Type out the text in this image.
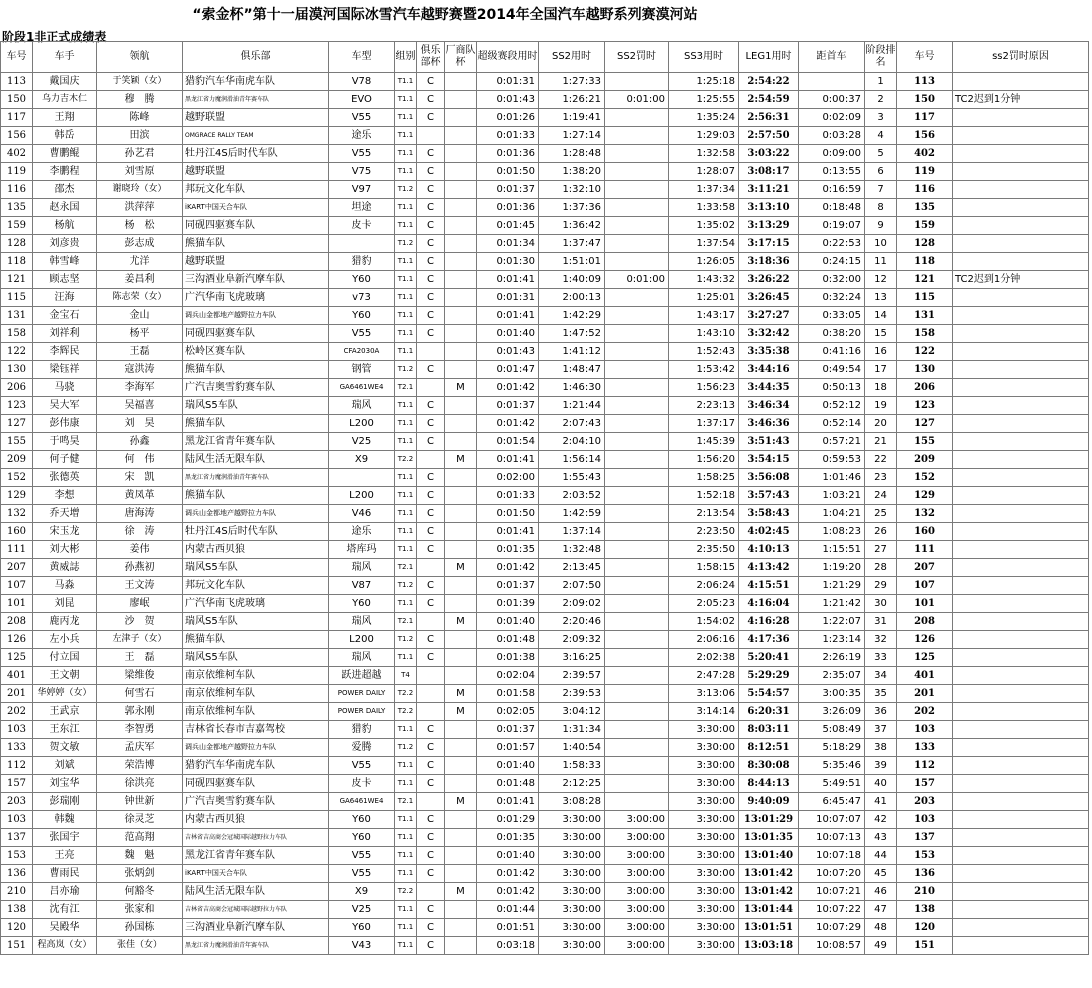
“索金杯”第十一届漠河国际冰雪汽车越野赛暨2014年全国汽车越野系列赛漠河站
阶段1非正式成绩表
车号	车手	领航	俱乐部	车型	组别	俱乐部杯	厂商队杯	超级赛段用时	SS2用时	SS2罚时	SS3用时	LEG1用时	距首车	阶段排名	车号	ss2罚时原因
113	戴国庆	于笑颖（女）	猎豹汽车华南虎车队	V78	T1.1	C		0:01:31	1:27:33		1:25:18	2:54:22		1	113	
150	乌力吉木仁	穆　腾	黑龙江省力魔润滑油青年赛车队	EVO	T1.1	C		0:01:43	1:26:21	0:01:00	1:25:55	2:54:59	0:00:37	2	150	TC2迟到1分钟
117	王翔	陈峰	越野联盟	V55	T1.1	C		0:01:26	1:19:41		1:35:24	2:56:31	0:02:09	3	117	
156	韩岳	田滨	OMGRACE RALLY TEAM	途乐	T1.1			0:01:33	1:27:14		1:29:03	2:57:50	0:03:28	4	156	
402	曹鹏鲲	孙艺君	牡丹江4S后时代车队	V55	T1.1	C		0:01:36	1:28:48		1:32:58	3:03:22	0:09:00	5	402	
119	李鹏程	刘雪原	越野联盟	V75	T1.1	C		0:01:50	1:38:20		1:28:07	3:08:17	0:13:55	6	119	
116	邵杰	谢晓玲（女）	邦玩文化车队	V97	T1.2	C		0:01:37	1:32:10		1:37:34	3:11:21	0:16:59	7	116	
135	赵永国	洪萍萍	iKART中国天合车队	坦途	T1.1	C		0:01:36	1:37:36		1:33:58	3:13:10	0:18:48	8	135	
159	杨航	杨　松	同砚四驱赛车队	皮卡	T1.1	C		0:01:45	1:36:42		1:35:02	3:13:29	0:19:07	9	159	
128	刘彦贵	彭志成	熊猫车队		T1.2	C		0:01:34	1:37:47		1:37:54	3:17:15	0:22:53	10	128	
118	韩雪峰	尤洋	越野联盟	猎豹	T1.1	C		0:01:30	1:51:01		1:26:05	3:18:36	0:24:15	11	118	
121	顾志坚	姜昌利	三沟酒业阜新汽摩车队	Y60	T1.1	C		0:01:41	1:40:09	0:01:00	1:43:32	3:26:22	0:32:00	12	121	TC2迟到1分钟
115	汪海	陈志荣（女）	广汽华南飞虎玻璃	v73	T1.1	C		0:01:31	2:00:13		1:25:01	3:26:45	0:32:24	13	115	
131	金宝石	金山	调兵山金都地产越野拉力车队	Y60	T1.1	C		0:01:41	1:42:29		1:43:17	3:27:27	0:33:05	14	131	
158	刘祥利	杨平	同砚四驱赛车队	V55	T1.1	C		0:01:40	1:47:52		1:43:10	3:32:42	0:38:20	15	158	
122	李辉民	王磊	松岭区赛车队	CFA2030A	T1.1			0:01:43	1:41:12		1:52:43	3:35:38	0:41:16	16	122	
130	梁钰祥	寇洪涛	熊猫车队	钢管	T1.2	C		0:01:47	1:48:47		1:53:42	3:44:16	0:49:54	17	130	
206	马骁	李海军	广汽吉奥雪豹赛车队	GA6461WE4	T2.1		M	0:01:42	1:46:30		1:56:23	3:44:35	0:50:13	18	206	
123	吴大军	吴福喜	瑞风S5车队	瑞风	T1.1	C		0:01:37	1:21:44		2:23:13	3:46:34	0:52:12	19	123	
127	彭伟康	刘　昊	熊猫车队	L200	T1.1	C		0:01:42	2:07:43		1:37:17	3:46:36	0:52:14	20	127	
155	于鸣昊	孙鑫	黑龙江省青年赛车队	V25	T1.1	C		0:01:54	2:04:10		1:45:39	3:51:43	0:57:21	21	155	
209	何子健	何　伟	陆风生活无限车队	X9	T2.2		M	0:01:41	1:56:14		1:56:20	3:54:15	0:59:53	22	209	
152	张德英	宋　凯	黑龙江省力魔润滑油青年赛车队		T1.1	C		0:02:00	1:55:43		1:58:25	3:56:08	1:01:46	23	152	
129	李想	黄凤革	熊猫车队	L200	T1.1	C		0:01:33	2:03:52		1:52:18	3:57:43	1:03:21	24	129	
132	乔天增	唐海涛	调兵山金都地产越野拉力车队	V46	T1.1	C		0:01:50	1:42:59		2:13:54	3:58:43	1:04:21	25	132	
160	宋玉龙	徐　涛	牡丹江4S后时代车队	途乐	T1.1	C		0:01:41	1:37:14		2:23:50	4:02:45	1:08:23	26	160	
111	刘大彬	姜伟	内蒙古西贝狼	塔库玛	T1.1	C		0:01:35	1:32:48		2:35:50	4:10:13	1:15:51	27	111	
207	黄威誌	孙燕初	瑞风S5车队	瑞风	T2.1		M	0:01:42	2:13:45		1:58:15	4:13:42	1:19:20	28	207	
107	马淼	王文涛	邦玩文化车队	V87	T1.2	C		0:01:37	2:07:50		2:06:24	4:15:51	1:21:29	29	107	
101	刘昆	廖岷	广汽华南飞虎玻璃	Y60	T1.1	C		0:01:39	2:09:02		2:05:23	4:16:04	1:21:42	30	101	
208	鹿丙龙	沙　贺	瑞风S5车队	瑞风	T2.1		M	0:01:40	2:20:46		1:54:02	4:16:28	1:22:07	31	208	
126	左小兵	左津子（女）	熊猫车队	L200	T1.2	C		0:01:48	2:09:32		2:06:16	4:17:36	1:23:14	32	126	
125	付立国	王　磊	瑞风S5车队	瑞风	T1.1	C		0:01:38	3:16:25		2:02:38	5:20:41	2:26:19	33	125	
401	王文朝	梁维俊	南京依维柯车队	跃进超越	T4			0:02:04	2:39:57		2:47:28	5:29:29	2:35:07	34	401	
201	华婷婷（女）	何雪石	南京依维柯车队	POWER DAILY	T2.2		M	0:01:58	2:39:53		3:13:06	5:54:57	3:00:35	35	201	
202	王武京	郭永刚	南京依维柯车队	POWER DAILY	T2.2		M	0:02:05	3:04:12		3:14:14	6:20:31	3:26:09	36	202	
103	王东江	李智勇	吉林省长春市吉嘉驾校	猎豹	T1.1	C		0:01:37	1:31:34		3:30:00	8:03:11	5:08:49	37	103	
133	贺文敏	孟庆军	调兵山金都地产越野拉力车队	爱腾	T1.2	C		0:01:57	1:40:54		3:30:00	8:12:51	5:18:29	38	133	
112	刘斌	荣浩博	猎豹汽车华南虎车队	V55	T1.1	C		0:01:40	1:58:33		3:30:00	8:30:08	5:35:46	39	112	
157	刘宝华	徐洪亮	同砚四驱赛车队	皮卡	T1.1	C		0:01:48	2:12:25		3:30:00	8:44:13	5:49:51	40	157	
203	彭瑞刚	钟世新	广汽吉奥雪豹赛车队	GA6461WE4	T2.1		M	0:01:41	3:08:28		3:30:00	9:40:09	6:45:47	41	203	
103	韩魏	徐灵芝	内蒙古西贝狼	Y60	T1.1	C		0:01:29	3:30:00	3:00:00	3:30:00	13:01:29	10:07:07	42	103	
137	张国宇	范高翔	吉林省吉高商会冠城国际越野拉力车队	Y60	T1.1	C		0:01:35	3:30:00	3:00:00	3:30:00	13:01:35	10:07:13	43	137	
153	王亮	魏　魁	黑龙江省青年赛车队	V55	T1.1	C		0:01:40	3:30:00	3:00:00	3:30:00	13:01:40	10:07:18	44	153	
136	曹雨民	张炳剑	iKART中国天合车队	V55	T1.1	C		0:01:42	3:30:00	3:00:00	3:30:00	13:01:42	10:07:20	45	136	
210	吕亦瑜	何豁冬	陆风生活无限车队	X9	T2.2		M	0:01:42	3:30:00	3:00:00	3:30:00	13:01:42	10:07:21	46	210	
138	沈有江	张家和	吉林省吉高商会冠城国际越野拉力车队	V25	T1.1	C		0:01:44	3:30:00	3:00:00	3:30:00	13:01:44	10:07:22	47	138	
120	吴殿华	孙国栋	三沟酒业阜新汽摩车队	Y60	T1.1	C		0:01:51	3:30:00	3:00:00	3:30:00	13:01:51	10:07:29	48	120	
151	程高岚（女）	张佳（女）	黑龙江省力魔润滑油青年赛车队	V43	T1.1	C		0:03:18	3:30:00	3:00:00	3:30:00	13:03:18	10:08:57	49	151	
